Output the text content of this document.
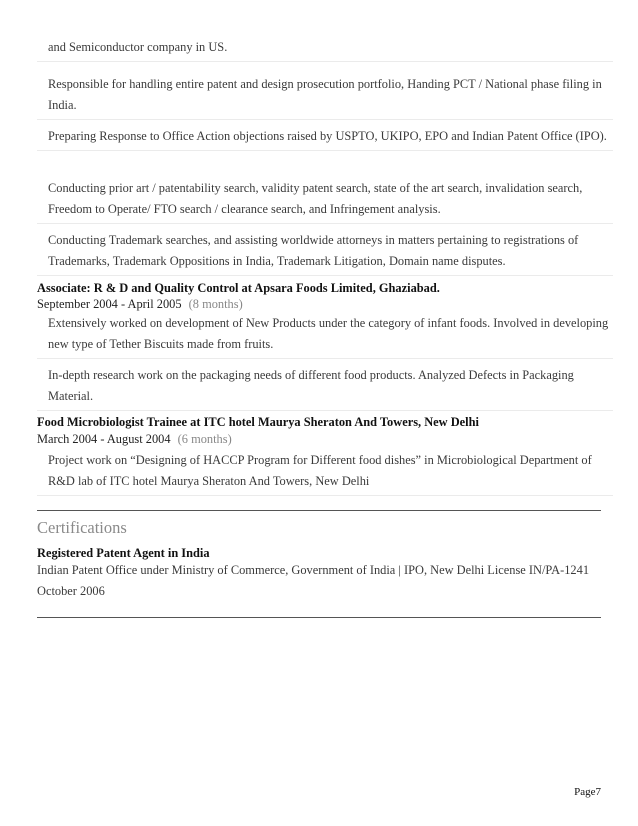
and Semiconductor company in US.
Responsible for handling entire patent and design prosecution portfolio, Handing PCT / National phase filing in India.
Preparing Response to Office Action objections raised by USPTO, UKIPO, EPO and Indian Patent Office (IPO).
Conducting prior art / patentability search, validity patent search, state of the art search, invalidation search, Freedom to Operate/ FTO search / clearance search, and Infringement analysis.
Conducting Trademark searches, and assisting worldwide attorneys in matters pertaining to registrations of Trademarks, Trademark Oppositions in India, Trademark Litigation, Domain name disputes.
Associate: R & D and Quality Control at Apsara Foods Limited, Ghaziabad.
September 2004 - April 2005 (8 months)
Extensively worked on development of New Products under the category of infant foods. Involved in developing new type of Tether Biscuits made from fruits.
In-depth research work on the packaging needs of different food products. Analyzed Defects in Packaging Material.
Food Microbiologist Trainee at ITC hotel Maurya Sheraton And Towers, New Delhi
March 2004 - August 2004 (6 months)
Project work on “Designing of HACCP Program for Different food dishes” in Microbiological Department of R&D lab of ITC hotel Maurya Sheraton And Towers, New Delhi
Certifications
Registered Patent Agent in India
Indian Patent Office under Ministry of Commerce, Government of India | IPO, New Delhi License IN/PA-1241 October 2006
Page7
